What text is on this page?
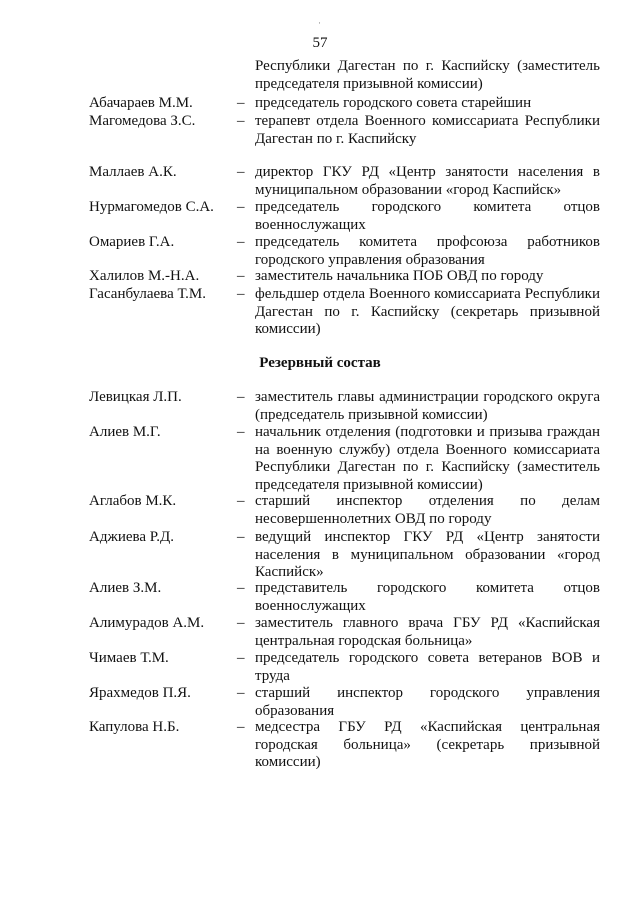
·
57
Республики Дагестан по г. Каспийску (заместитель председателя призывной комиссии)
Абачараев М.М.	– председатель городского совета старейшин
Магомедова З.С.	– терапевт отдела Военного комиссариата Республики Дагестан по г. Каспийску
Маллаев А.К.	– директор ГКУ РД «Центр занятости населения в муниципальном образовании «город Каспийск»
Нурмагомедов С.А. – председатель городского комитета отцов военнослужащих
Омариев Г.А.	– председатель комитета профсоюза работников городского управления образования
Халилов М.-Н.А.	– заместитель начальника ПОБ ОВД по городу
Гасанбулаева Т.М. – фельдшер отдела Военного комиссариата Республики Дагестан по г. Каспийску (секретарь призывной комиссии)
Резервный состав
Левицкая Л.П.	– заместитель главы администрации городского округа (председатель призывной комиссии)
Алиев М.Г.	– начальник отделения (подготовки и призыва граждан на военную службу) отдела Военного комиссариата Республики Дагестан по г. Каспийску (заместитель председателя призывной комиссии)
Аглабов М.К.	– старший инспектор отделения по делам несовершеннолетних ОВД по городу
Аджиева Р.Д.	– ведущий инспектор ГКУ РД «Центр занятости населения в муниципальном образовании «город Каспийск»
Алиев З.М.	– представитель городского комитета отцов военнослужащих
Алимурадов А.М. – заместитель главного врача ГБУ РД «Каспийская центральная городская больница»
Чимаев Т.М.	– председатель городского совета ветеранов ВОВ и труда
Ярахмедов П.Я.	– старший инспектор городского управления образования
Капулова Н.Б.	– медсестра ГБУ РД «Каспийская центральная городская больница» (секретарь призывной комиссии)
